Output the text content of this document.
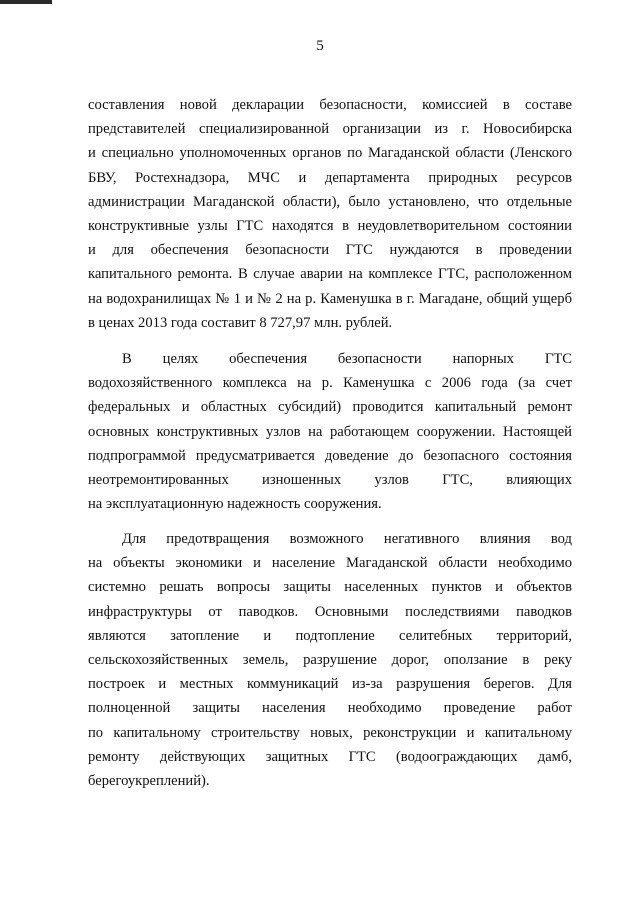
5
составления новой декларации безопасности, комиссией в составе
представителей специализированной организации из г. Новосибирска
и специально уполномоченных органов по Магаданской области (Ленского
БВУ, Ростехнадзора, МЧС и департамента природных ресурсов
администрации Магаданской области), было установлено, что отдельные
конструктивные узлы ГТС находятся в неудовлетворительном состоянии
и для обеспечения безопасности ГТС нуждаются в проведении
капитального ремонта. В случае аварии на комплексе ГТС, расположенном
на водохранилищах № 1 и № 2 на р. Каменушка в г. Магадане, общий ущерб
в ценах 2013 года составит 8 727,97 млн. рублей.
В целях обеспечения безопасности напорных ГТС
водохозяйственного комплекса на р. Каменушка с 2006 года (за счет
федеральных и областных субсидий) проводится капитальный ремонт
основных конструктивных узлов на работающем сооружении. Настоящей
подпрограммой предусматривается доведение до безопасного состояния
неотремонтированных изношенных узлов ГТС, влияющих
на эксплуатационную надежность сооружения.
Для предотвращения возможного негативного влияния вод
на объекты экономики и население Магаданской области необходимо
системно решать вопросы защиты населенных пунктов и объектов
инфраструктуры от паводков. Основными последствиями паводков
являются затопление и подтопление селитебных территорий,
сельскохозяйственных земель, разрушение дорог, оползание в реку
построек и местных коммуникаций из-за разрушения берегов. Для
полноценной защиты населения необходимо проведение работ
по капитальному строительству новых, реконструкции и капитальному
ремонту действующих защитных ГТС (водоограждающих дамб,
берегоукреплений).
